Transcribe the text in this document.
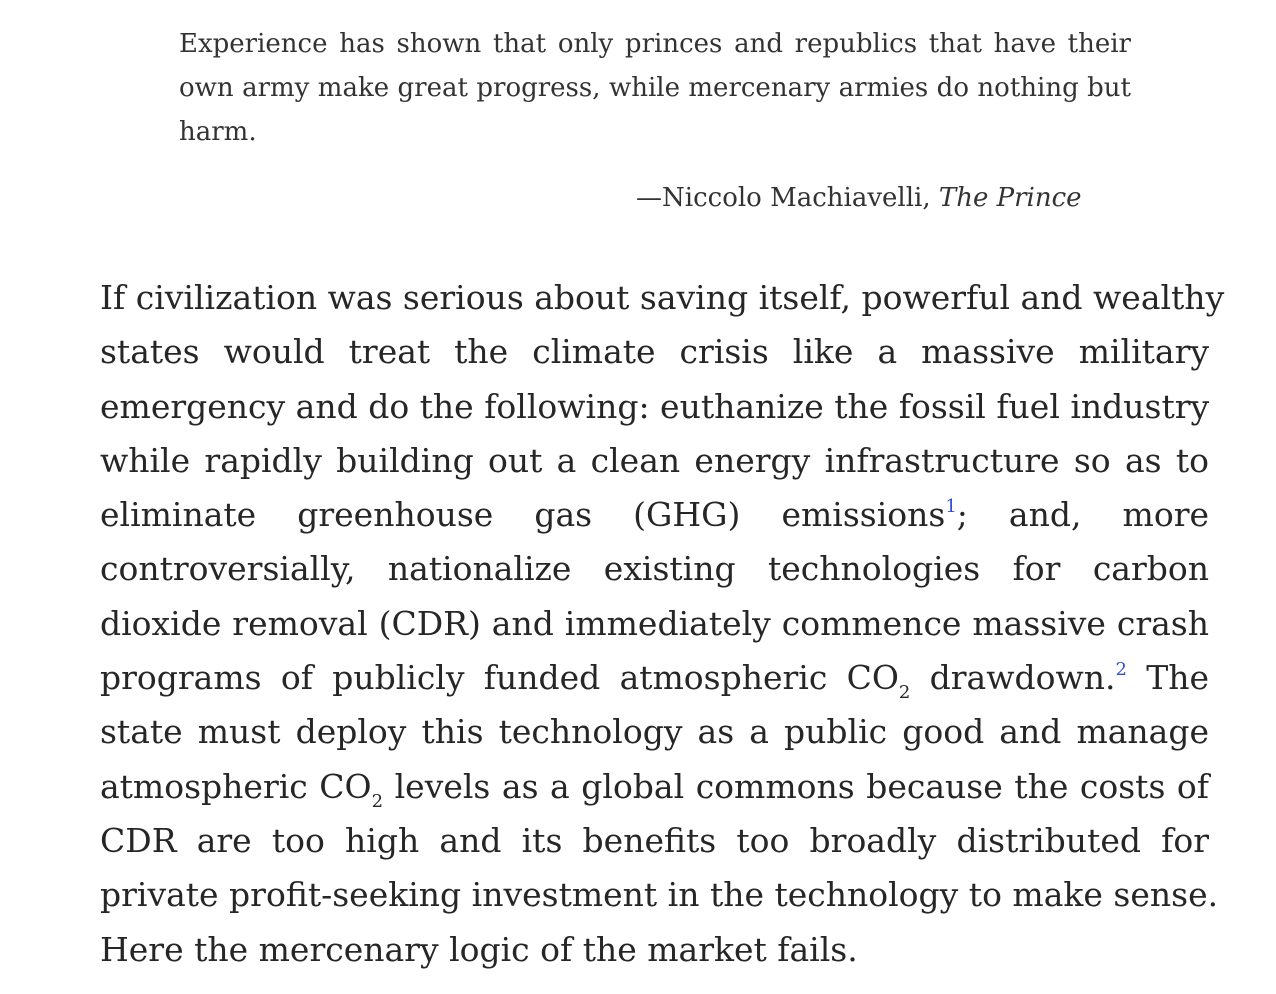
Experience has shown that only princes and republics that have their own army make great progress, while mercenary armies do nothing but harm.

—Niccolo Machiavelli, The Prince

If civilization was serious about saving itself, powerful and wealthy
states would treat the climate crisis like a massive military
emergency and do the following: euthanize the fossil fuel industry
while rapidly building out a clean energy infrastructure so as to
eliminate greenhouse gas (GHG) emissions$^1$; and, more
controversially, nationalize existing technologies for carbon
dioxide removal (CDR) and immediately commence massive crash
programs of publicly funded atmospheric $CO_2$ drawdown.$^2$ The
state must deploy this technology as a public good and manage
atmospheric $CO_2$ levels as a global commons because the costs of
CDR are too high and its benefits too broadly distributed for
private profit-seeking investment in the technology to make sense.
Here the mercenary logic of the market fails.
